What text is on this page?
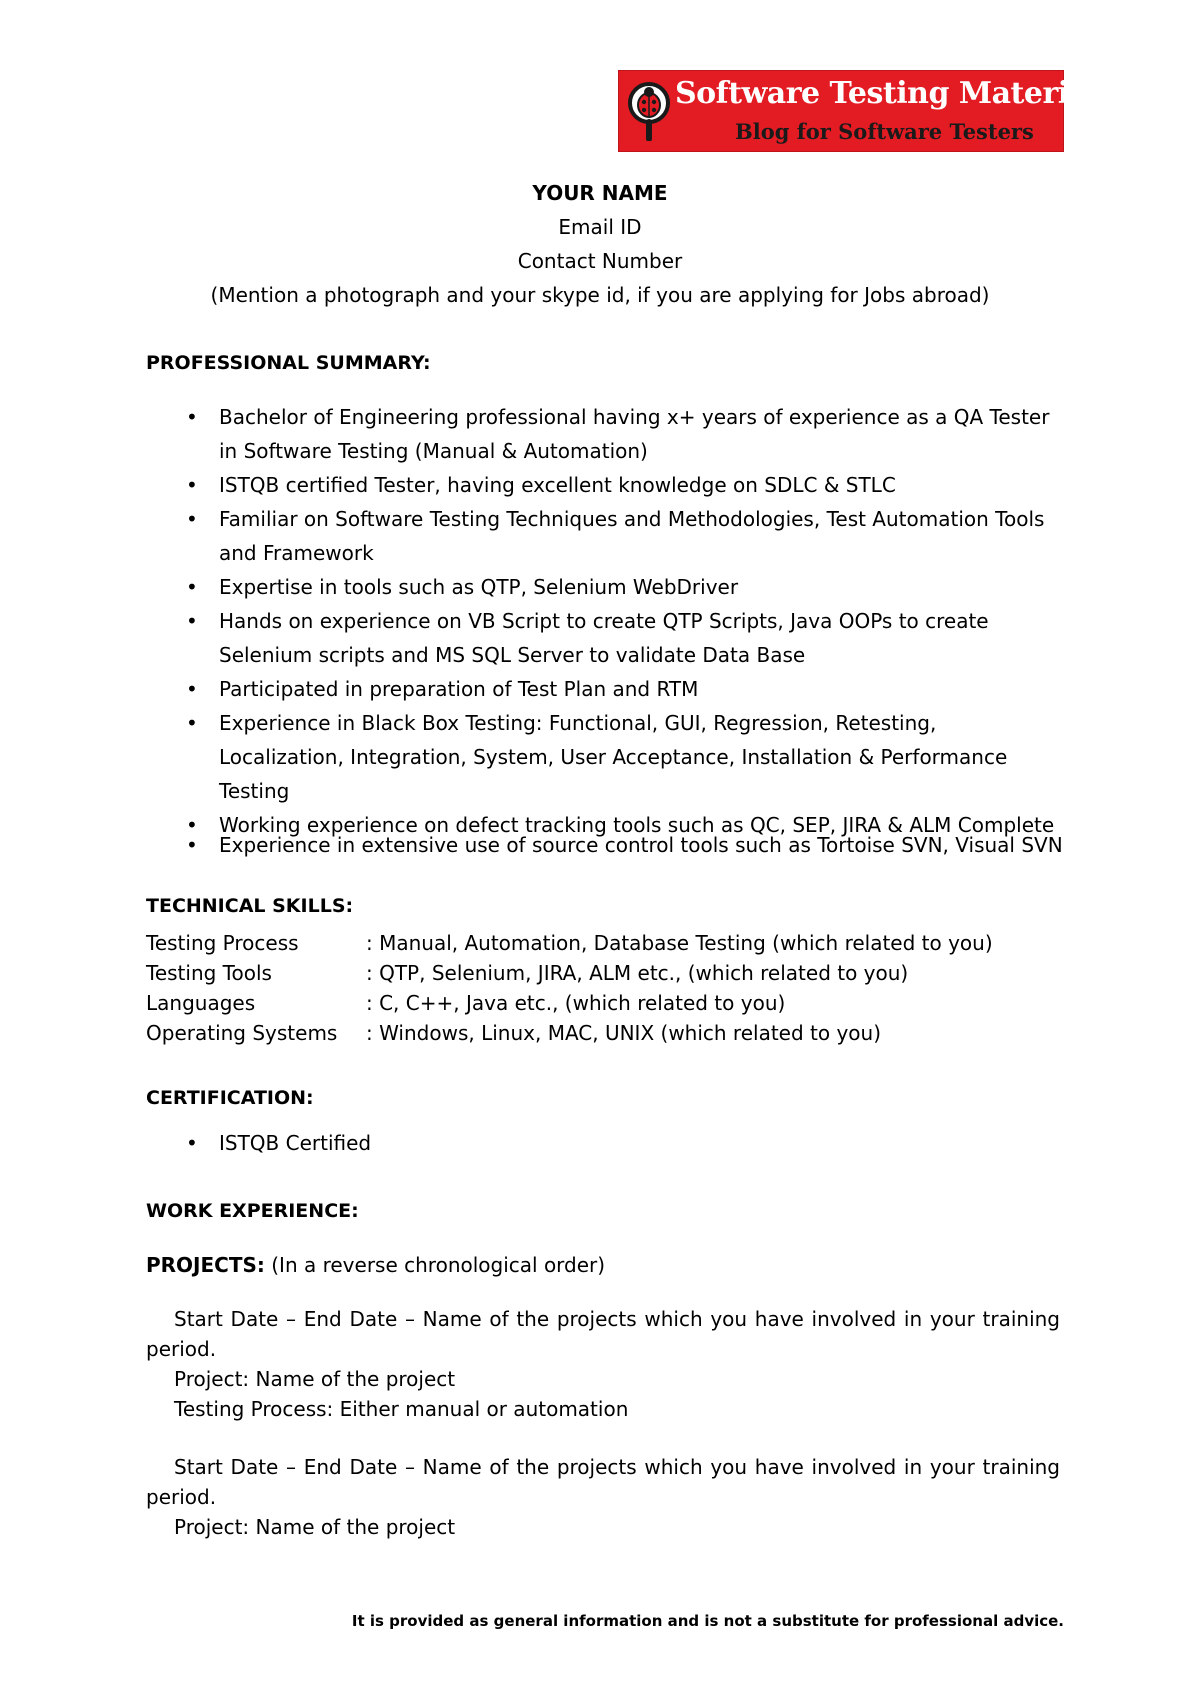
Software Testing Material
Blog for Software Testers
YOUR NAME
Email ID
Contact Number
(Mention a photograph and your skype id, if you are applying for Jobs abroad)
PROFESSIONAL SUMMARY:
• Bachelor of Engineering professional having x+ years of experience as a QA Tester in Software Testing (Manual & Automation)
• ISTQB certified Tester, having excellent knowledge on SDLC & STLC
• Familiar on Software Testing Techniques and Methodologies, Test Automation Tools and Framework
• Expertise in tools such as QTP, Selenium WebDriver
• Hands on experience on VB Script to create QTP Scripts, Java OOPs to create Selenium scripts and MS SQL Server to validate Data Base
• Participated in preparation of Test Plan and RTM
• Experience in Black Box Testing: Functional, GUI, Regression, Retesting, Localization, Integration, System, User Acceptance, Installation & Performance Testing
• Working experience on defect tracking tools such as QC, SEP, JIRA & ALM Complete
• Experience in extensive use of source control tools such as Tortoise SVN, Visual SVN
TECHNICAL SKILLS:
Testing Process	: Manual, Automation, Database Testing (which related to you)
Testing Tools	: QTP, Selenium, JIRA, ALM etc., (which related to you)
Languages	: C, C++, Java etc., (which related to you)
Operating Systems	: Windows, Linux, MAC, UNIX (which related to you)
CERTIFICATION:
• ISTQB Certified
WORK EXPERIENCE:
PROJECTS: (In a reverse chronological order)
Start Date – End Date – Name of the projects which you have involved in your training period.
Project: Name of the project
Testing Process: Either manual or automation
Start Date – End Date – Name of the projects which you have involved in your training period.
Project: Name of the project
It is provided as general information and is not a substitute for professional advice.
